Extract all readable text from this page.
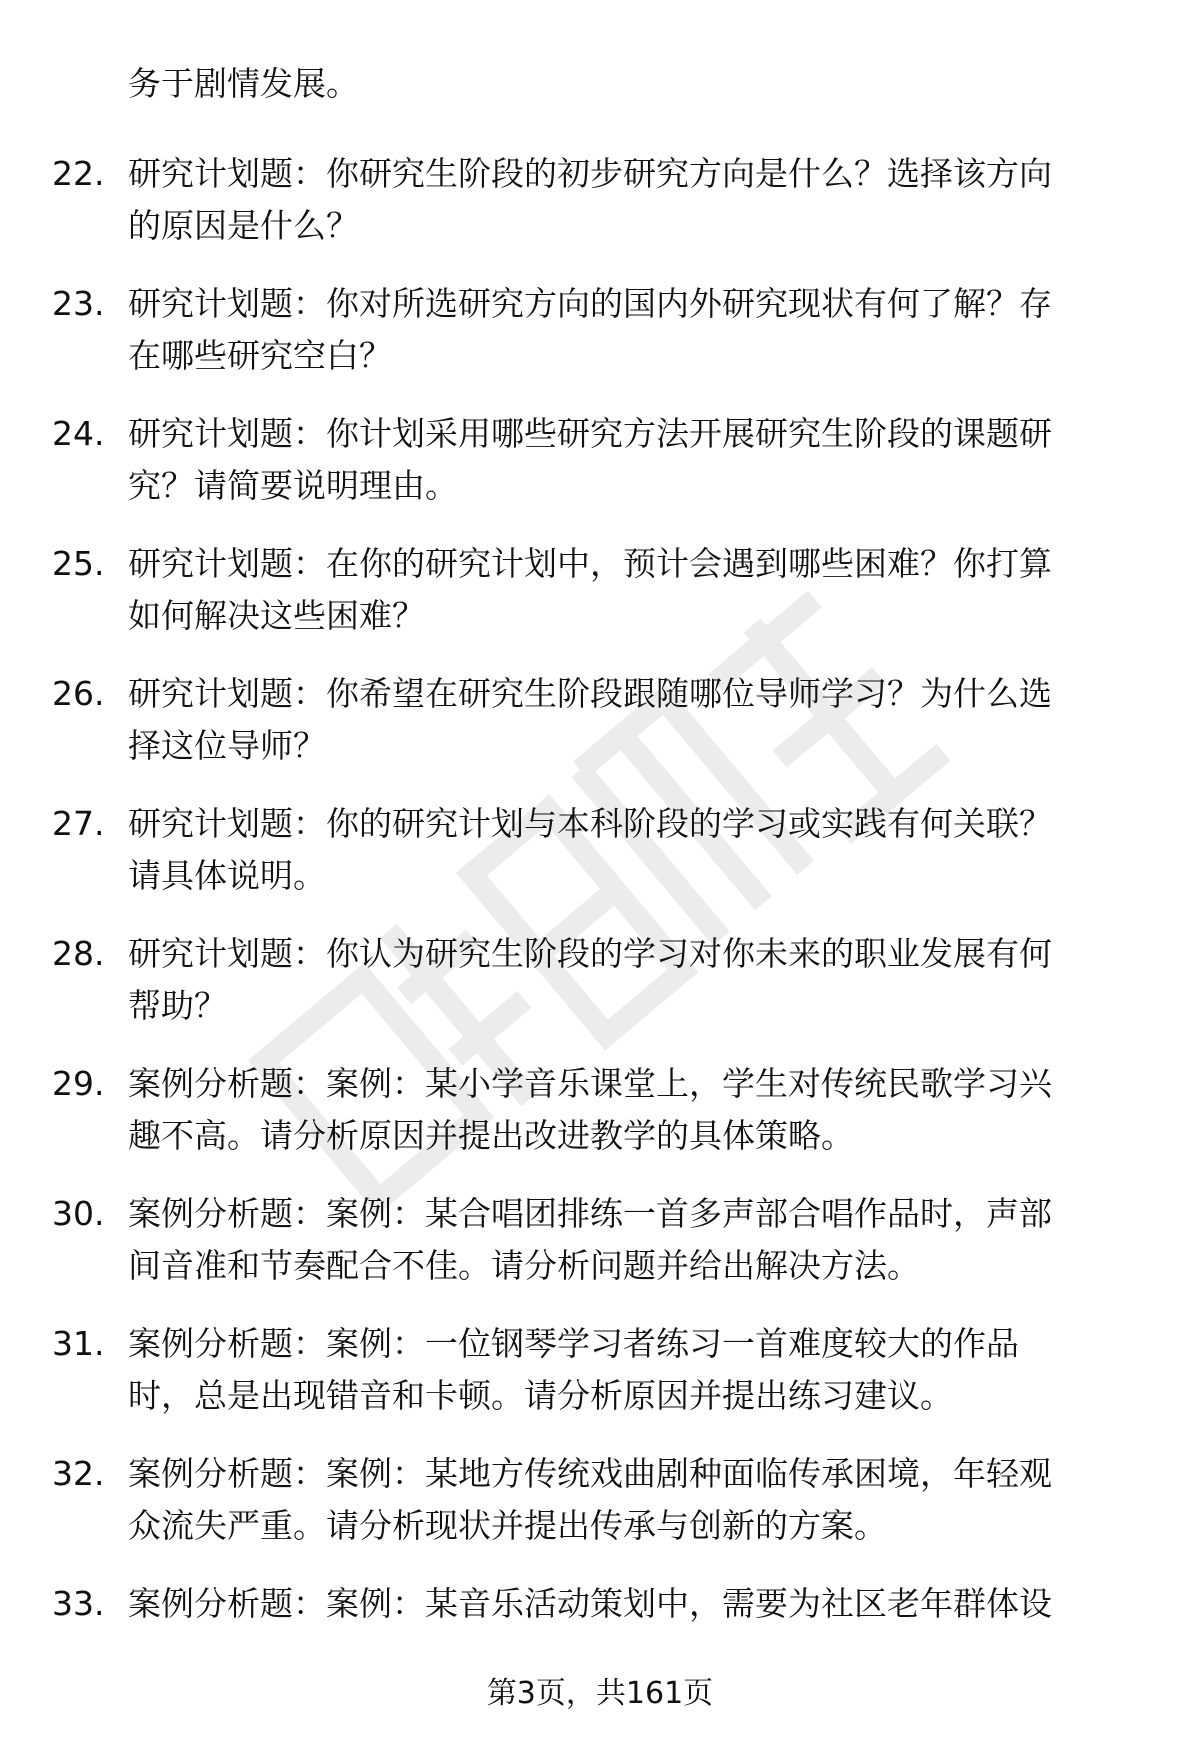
务于剧情发展。
22. 研究计划题：你研究生阶段的初步研究方向是什么？选择该方向
的原因是什么？
23. 研究计划题：你对所选研究方向的国内外研究现状有何了解？存
在哪些研究空白？
24. 研究计划题：你计划采用哪些研究方法开展研究生阶段的课题研
究？请简要说明理由。
25. 研究计划题：在你的研究计划中，预计会遇到哪些困难？你打算
如何解决这些困难？
26. 研究计划题：你希望在研究生阶段跟随哪位导师学习？为什么选
择这位导师？
27. 研究计划题：你的研究计划与本科阶段的学习或实践有何关联？
请具体说明。
28. 研究计划题：你认为研究生阶段的学习对你未来的职业发展有何
帮助？
29. 案例分析题：案例：某小学音乐课堂上，学生对传统民歌学习兴
趣不高。请分析原因并提出改进教学的具体策略。
30. 案例分析题：案例：某合唱团排练一首多声部合唱作品时，声部
间音准和节奏配合不佳。请分析问题并给出解决方法。
31. 案例分析题：案例：一位钢琴学习者练习一首难度较大的作品
时，总是出现错音和卡顿。请分析原因并提出练习建议。
32. 案例分析题：案例：某地方传统戏曲剧种面临传承困境，年轻观
众流失严重。请分析现状并提出传承与创新的方案。
33. 案例分析题：案例：某音乐活动策划中，需要为社区老年群体设
第3页，共161页
